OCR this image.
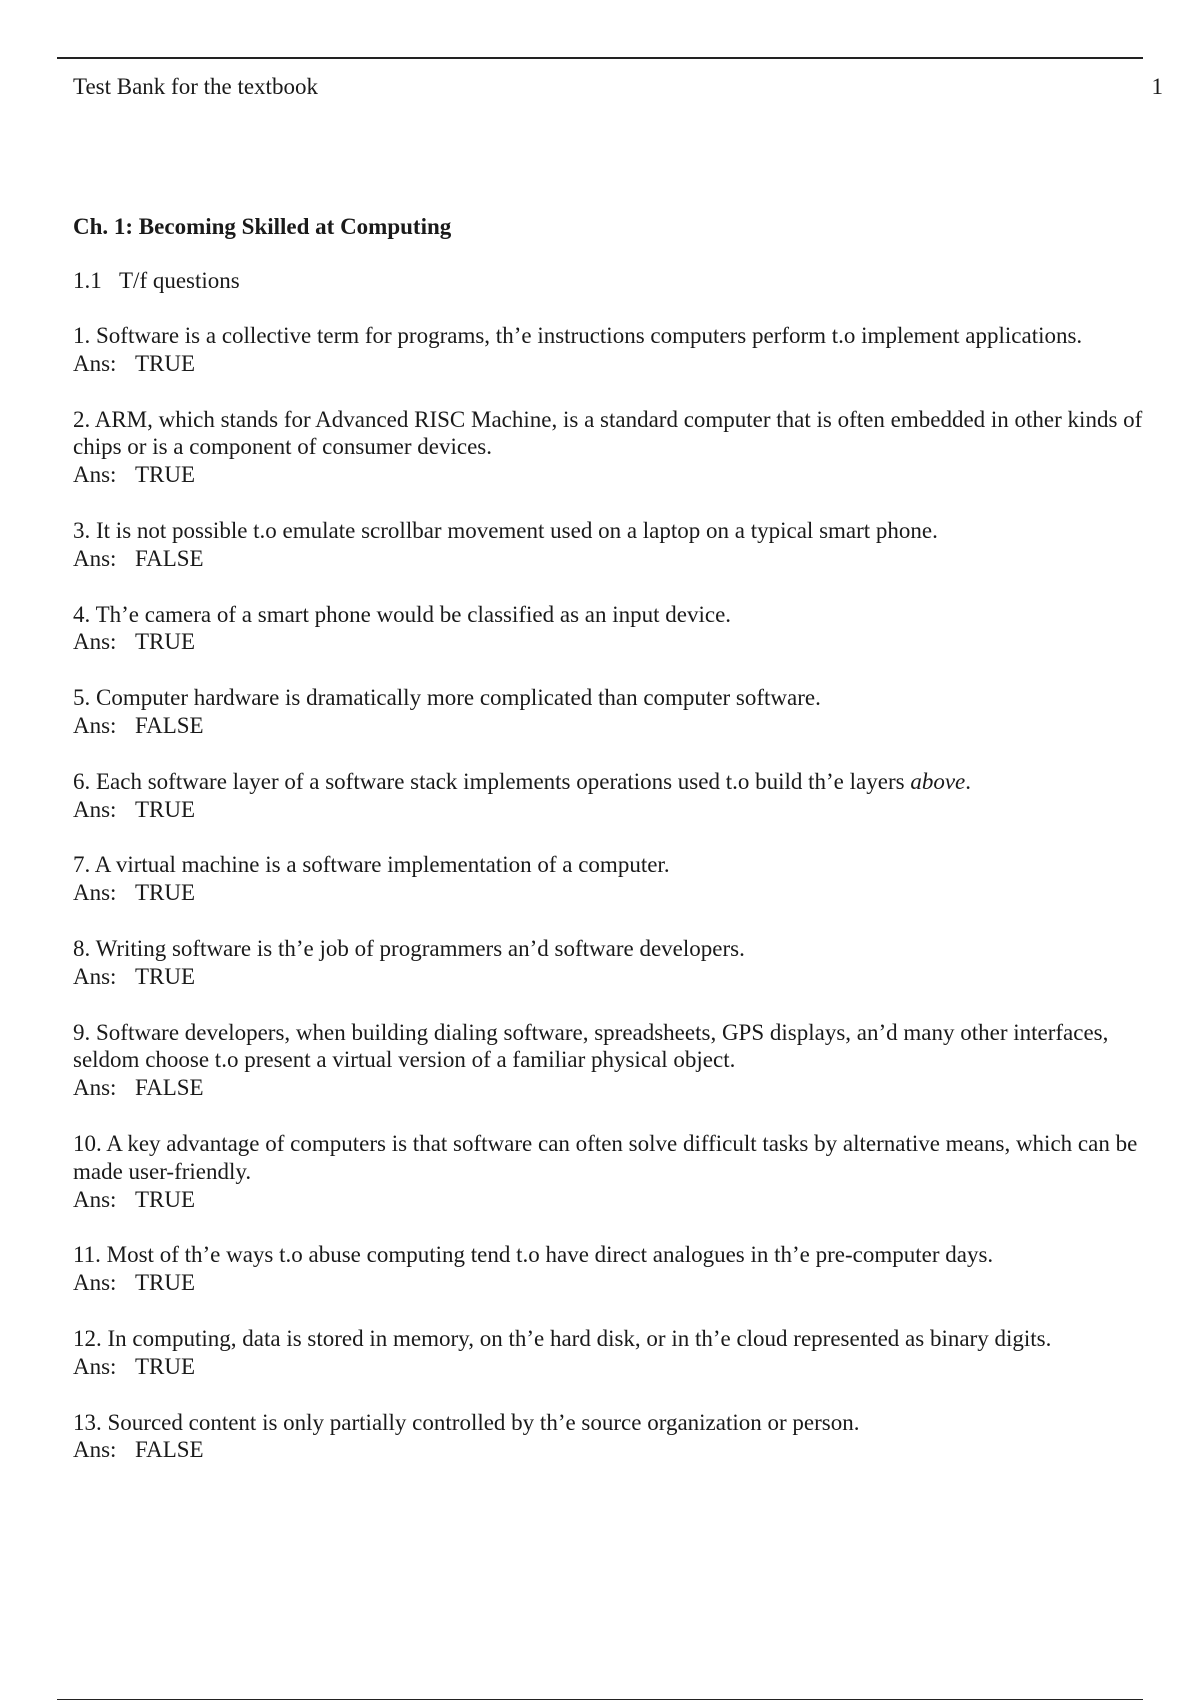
Test Bank for the textbook	1
Ch. 1: Becoming Skilled at Computing
1.1 T/f questions
1. Software is a collective term for programs, th’e instructions computers perform t.o implement applications.
Ans: TRUE
2. ARM, which stands for Advanced RISC Machine, is a standard computer that is often embedded in other kinds of chips or is a component of consumer devices.
Ans: TRUE
3. It is not possible t.o emulate scrollbar movement used on a laptop on a typical smart phone.
Ans: FALSE
4. Th’e camera of a smart phone would be classified as an input device.
Ans: TRUE
5. Computer hardware is dramatically more complicated than computer software.
Ans: FALSE
6. Each software layer of a software stack implements operations used t.o build th’e layers above.
Ans: TRUE
7. A virtual machine is a software implementation of a computer.
Ans: TRUE
8. Writing software is th’e job of programmers an’d software developers.
Ans: TRUE
9. Software developers, when building dialing software, spreadsheets, GPS displays, an’d many other interfaces, seldom choose t.o present a virtual version of a familiar physical object.
Ans: FALSE
10. A key advantage of computers is that software can often solve difficult tasks by alternative means, which can be made user-friendly.
Ans: TRUE
11. Most of th’e ways t.o abuse computing tend t.o have direct analogues in th’e pre-computer days.
Ans: TRUE
12. In computing, data is stored in memory, on th’e hard disk, or in th’e cloud represented as binary digits.
Ans: TRUE
13. Sourced content is only partially controlled by th’e source organization or person.
Ans: FALSE
